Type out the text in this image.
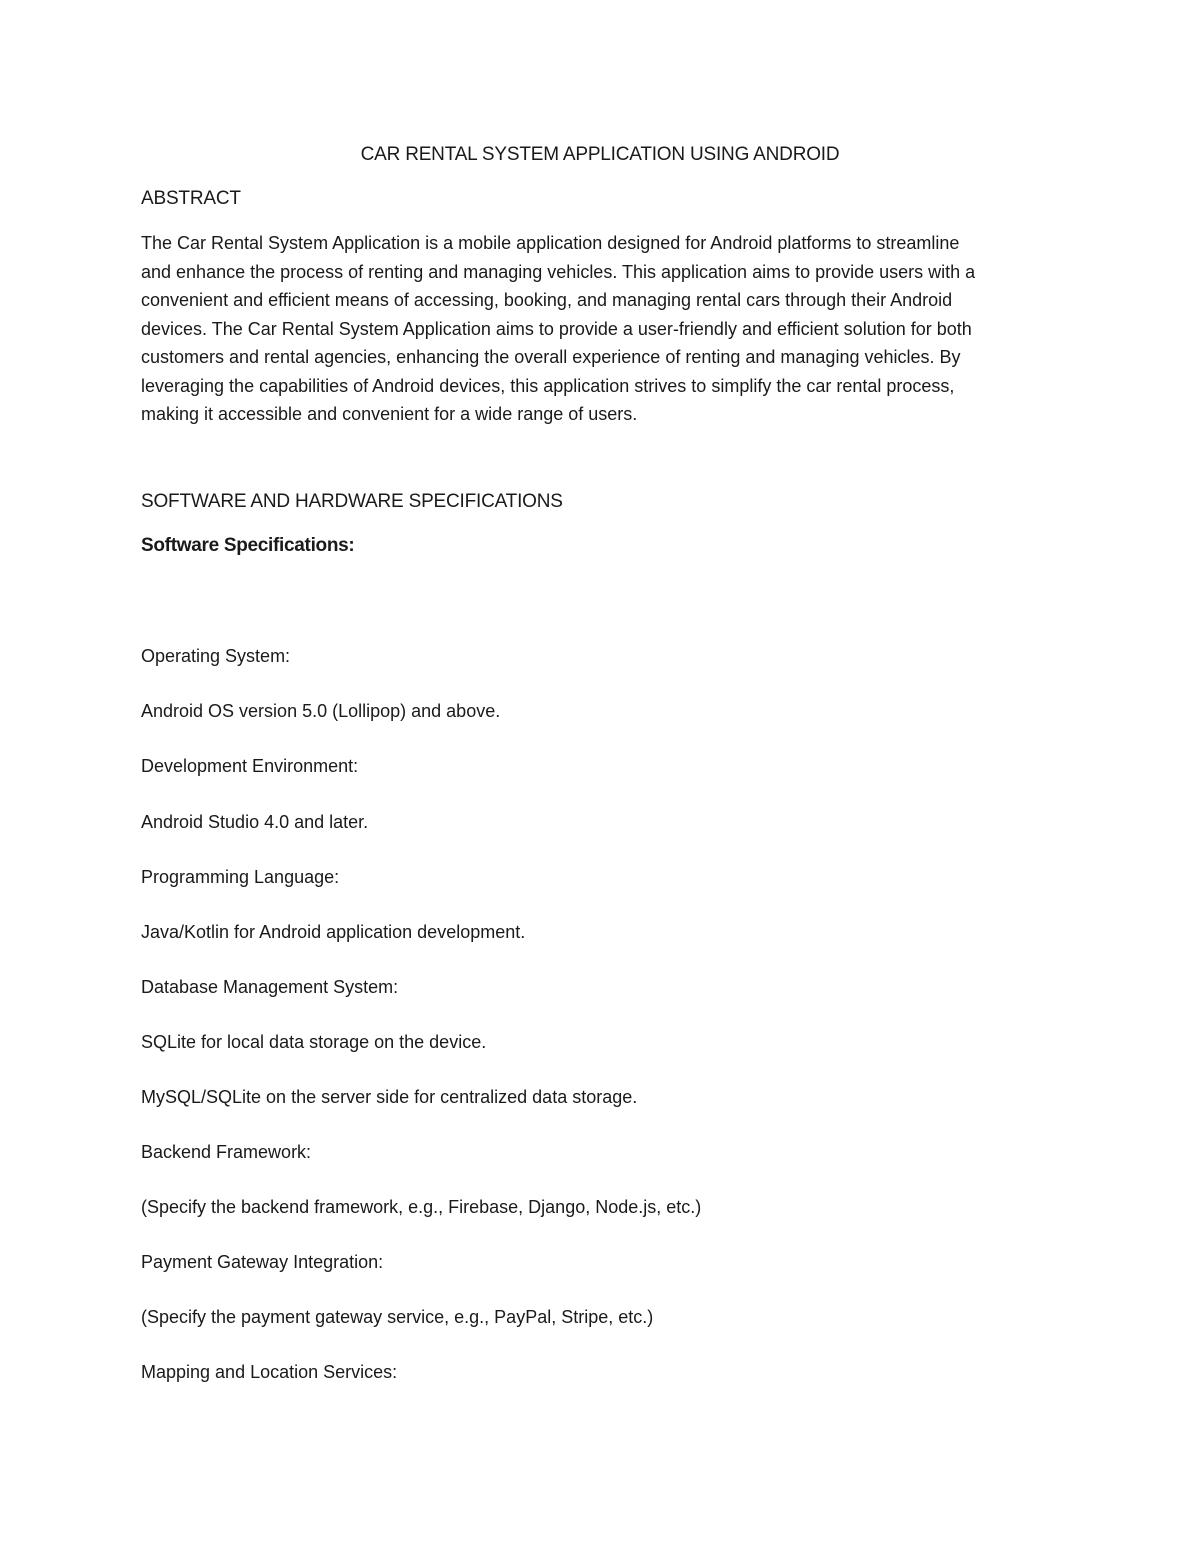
CAR RENTAL SYSTEM APPLICATION USING ANDROID
ABSTRACT
The Car Rental System Application is a mobile application designed for Android platforms to streamline
and enhance the process of renting and managing vehicles. This application aims to provide users with a
convenient and efficient means of accessing, booking, and managing rental cars through their Android
devices. The Car Rental System Application aims to provide a user-friendly and efficient solution for both
customers and rental agencies, enhancing the overall experience of renting and managing vehicles. By
leveraging the capabilities of Android devices, this application strives to simplify the car rental process,
making it accessible and convenient for a wide range of users.
SOFTWARE AND HARDWARE SPECIFICATIONS
Software Specifications:

Operating System:

Android OS version 5.0 (Lollipop) and above.

Development Environment:

Android Studio 4.0 and later.

Programming Language:

Java/Kotlin for Android application development.

Database Management System:

SQLite for local data storage on the device.

MySQL/SQLite on the server side for centralized data storage.

Backend Framework:

(Specify the backend framework, e.g., Firebase, Django, Node.js, etc.)

Payment Gateway Integration:

(Specify the payment gateway service, e.g., PayPal, Stripe, etc.)

Mapping and Location Services:
